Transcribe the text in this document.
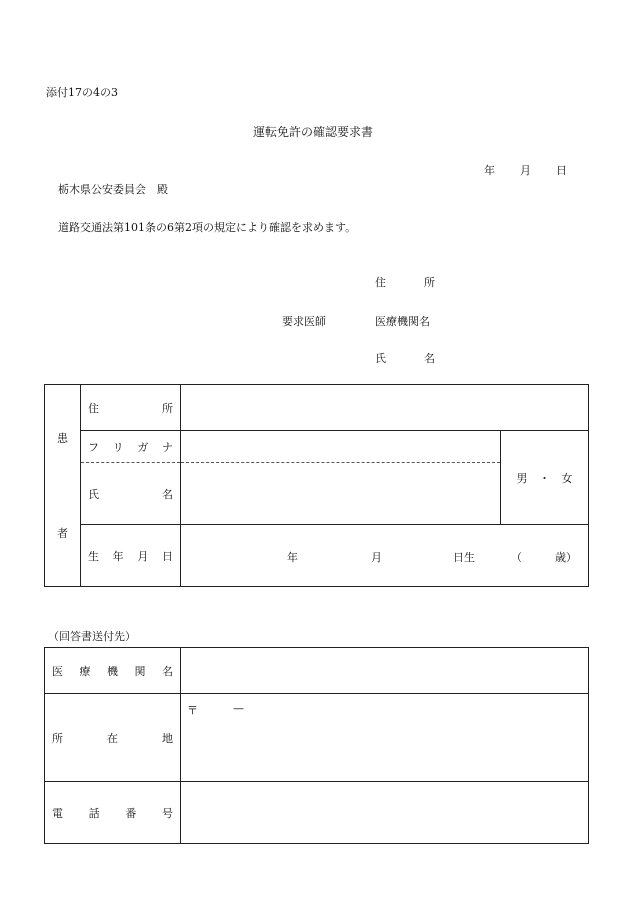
添付17の4の3
運転免許の確認要求書
年 月 日
栃木県公安委員会　殿
道路交通法第101条の6第2項の規定により確認を求めます。
住	所
要求医師	医療機関名
氏	名
患
者	住 所		

	フ リ ガ ナ		男 ・ 女

	氏 名		

	生 年 月 日	年 月 日生 （ 歳）	
（回答書送付先）
医 療 機 関 名	

所 在 地	〒 —

電 話 番 号	
